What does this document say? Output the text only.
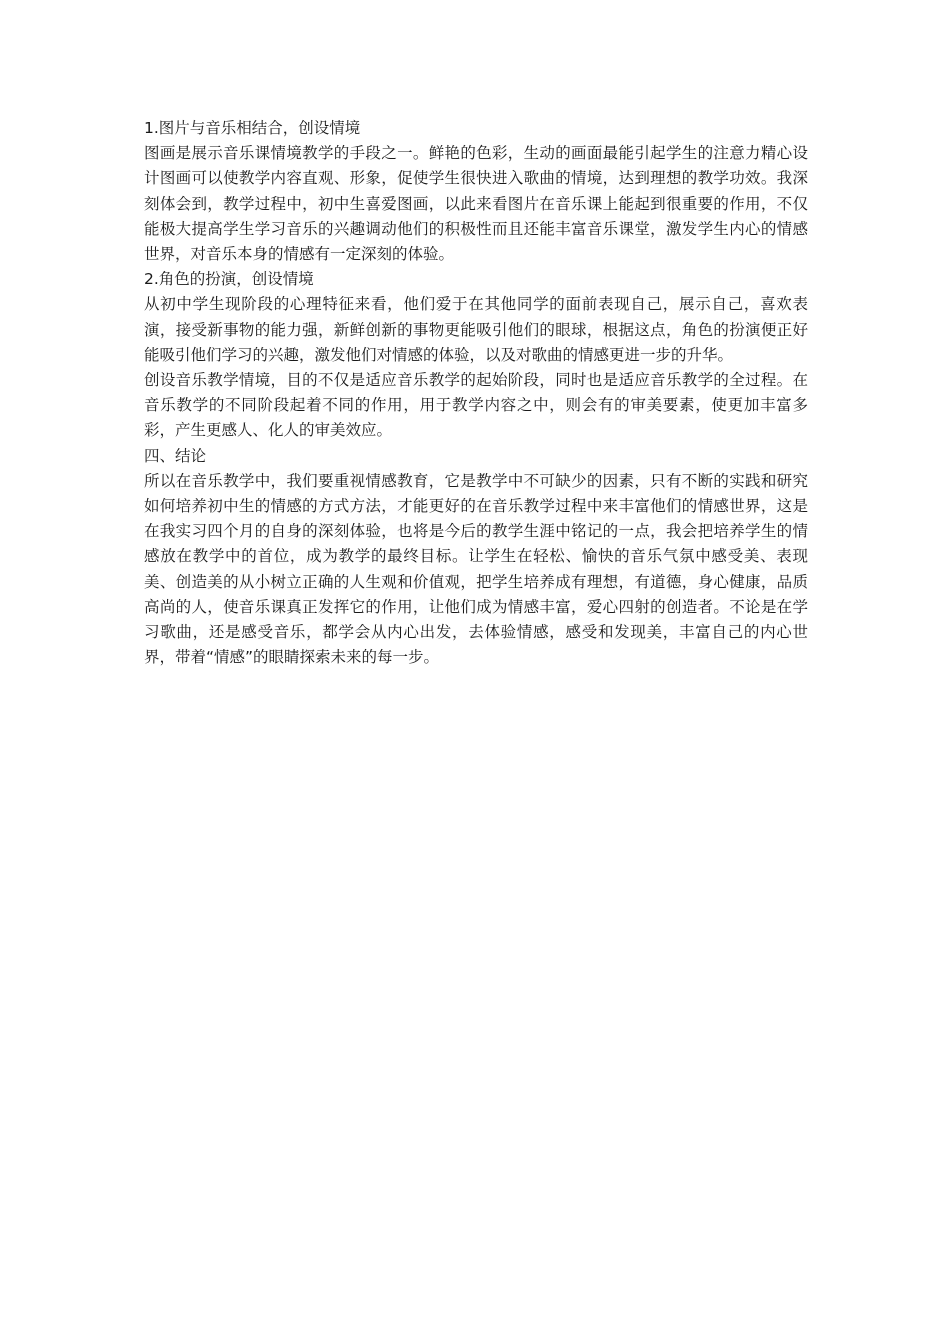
1.图片与音乐相结合，创设情境

图画是展示音乐课情境教学的手段之一。鲜艳的色彩，生动的画面最能引起学生的注意力精心设计图画可以使教学内容直观、形象，促使学生很快进入歌曲的情境，达到理想的教学功效。我深刻体会到，教学过程中，初中生喜爱图画，以此来看图片在音乐课上能起到很重要的作用，不仅能极大提高学生学习音乐的兴趣调动他们的积极性而且还能丰富音乐课堂，激发学生内心的情感世界，对音乐本身的情感有一定深刻的体验。

2.角色的扮演，创设情境

从初中学生现阶段的心理特征来看，他们爱于在其他同学的面前表现自己，展示自己，喜欢表演，接受新事物的能力强，新鲜创新的事物更能吸引他们的眼球，根据这点，角色的扮演便正好能吸引他们学习的兴趣，激发他们对情感的体验，以及对歌曲的情感更进一步的升华。

创设音乐教学情境，目的不仅是适应音乐教学的起始阶段，同时也是适应音乐教学的全过程。在音乐教学的不同阶段起着不同的作用，用于教学内容之中，则会有的审美要素，使更加丰富多彩，产生更感人、化人的审美效应。

四、结论

所以在音乐教学中，我们要重视情感教育，它是教学中不可缺少的因素，只有不断的实践和研究如何培养初中生的情感的方式方法，才能更好的在音乐教学过程中来丰富他们的情感世界，这是在我实习四个月的自身的深刻体验，也将是今后的教学生涯中铭记的一点，我会把培养学生的情感放在教学中的首位，成为教学的最终目标。让学生在轻松、愉快的音乐气氛中感受美、表现美、创造美的从小树立正确的人生观和价值观，把学生培养成有理想，有道德，身心健康，品质高尚的人，使音乐课真正发挥它的作用，让他们成为情感丰富，爱心四射的创造者。不论是在学习歌曲，还是感受音乐，都学会从内心出发，去体验情感，感受和发现美，丰富自己的内心世界，带着“情感”的眼睛探索未来的每一步。
